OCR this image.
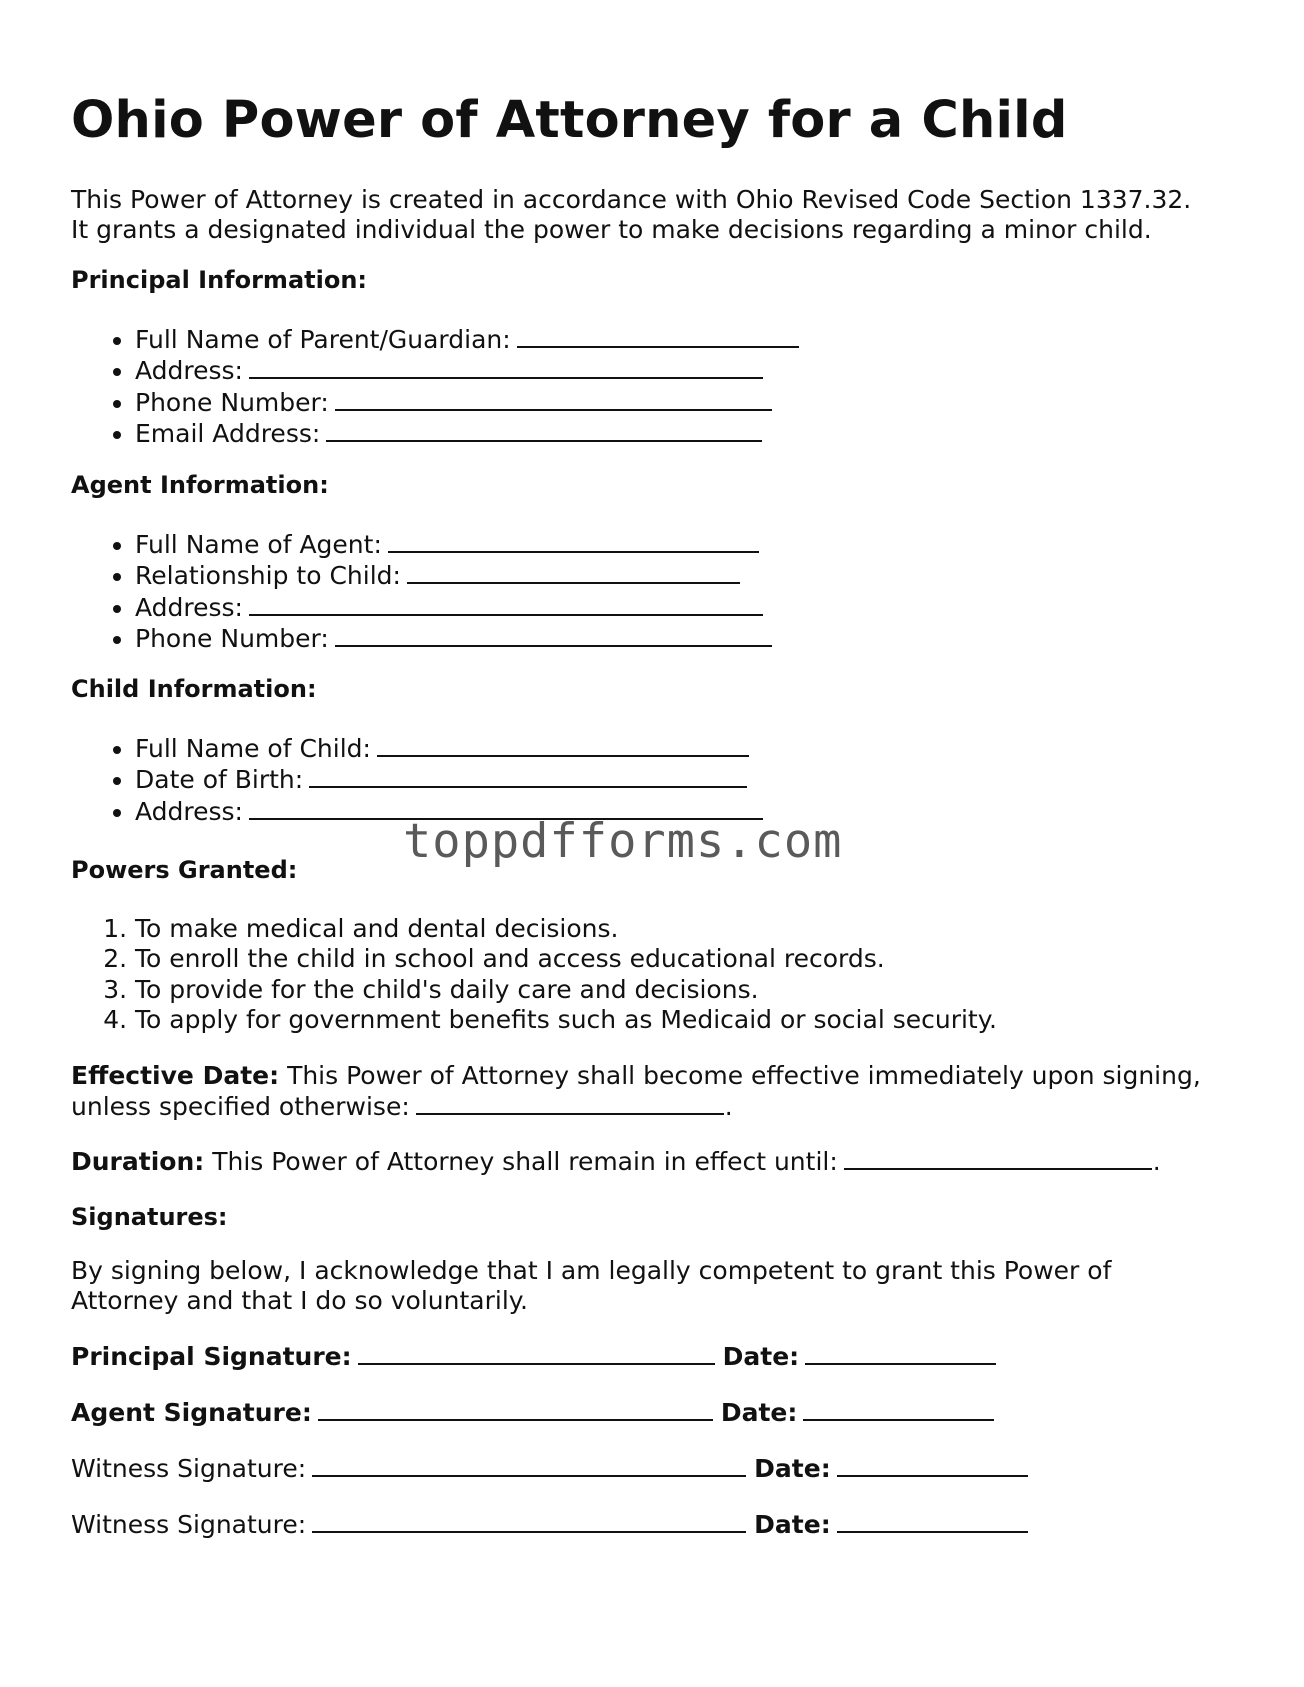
Ohio Power of Attorney for a Child

This Power of Attorney is created in accordance with Ohio Revised Code Section 1337.32.
It grants a designated individual the power to make decisions regarding a minor child.

Principal Information:
• Full Name of Parent/Guardian:
• Address:
• Phone Number:
• Email Address:
Agent Information:
• Full Name of Agent:
• Relationship to Child:
• Address:
• Phone Number:
Child Information:
• Full Name of Child:
• Date of Birth:
• Address:
Powers Granted:
1. To make medical and dental decisions.
2. To enroll the child in school and access educational records.
3. To provide for the child's daily care and decisions.
4. To apply for government benefits such as Medicaid or social security.

Effective Date: This Power of Attorney shall become effective immediately upon signing,
unless specified otherwise:	.

Duration: This Power of Attorney shall remain in effect until:	.

Signatures:

By signing below, I acknowledge that I am legally competent to grant this Power of
Attorney and that I do so voluntarily.

Principal Signature:	Date:
Agent Signature:	Date:
Witness Signature:	Date:
Witness Signature:	Date:
toppdfforms.com
